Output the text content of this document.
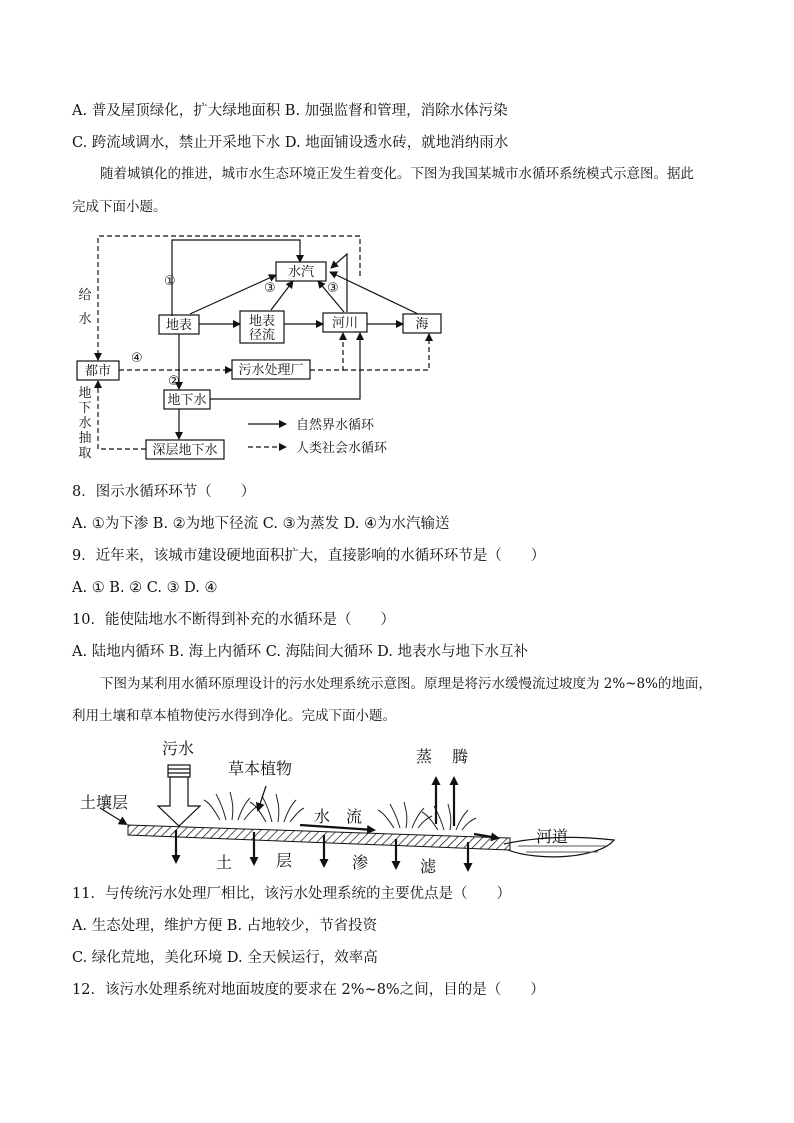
A. 普及屋顶绿化，扩大绿地面积 B. 加强监督和管理，消除水体污染
C. 跨流域调水，禁止开采地下水 D. 地面铺设透水砖，就地消纳雨水
随着城镇化的推进，城市水生态环境正发生着变化。下图为我国某城市水循环系统模式示意图。据此
完成下面小题。
水汽
地表	地表
径流
河川	海
都市	污水处理厂
地下水
深层地下水
给
水
地
下
水
抽
取
①
②
③	③
④
自然界水循环
人类社会水循环
8．图示水循环环节（　　）
A. ①为下渗 B. ②为地下径流 C. ③为蒸发 D. ④为水汽输送
9．近年来，该城市建设硬地面积扩大，直接影响的水循环环节是（　　）
A. ① B. ② C. ③ D. ④
10．能使陆地水不断得到补充的水循环是（　　）
A. 陆地内循环 B. 海上内循环 C. 海陆间大循环 D. 地表水与地下水互补
下图为某利用水循环原理设计的污水处理系统示意图。原理是将污水缓慢流过坡度为 2%~8%的地面，
利用土壤和草本植物使污水得到净化。完成下面小题。
污水
草本植物
土壤层
水 流
蒸 腾
河道
土	层	渗	滤
11．与传统污水处理厂相比，该污水处理系统的主要优点是（　　）
A. 生态处理，维护方便 B. 占地较少，节省投资
C. 绿化荒地，美化环境 D. 全天候运行，效率高
12．该污水处理系统对地面坡度的要求在 2%~8%之间，目的是（　　）
